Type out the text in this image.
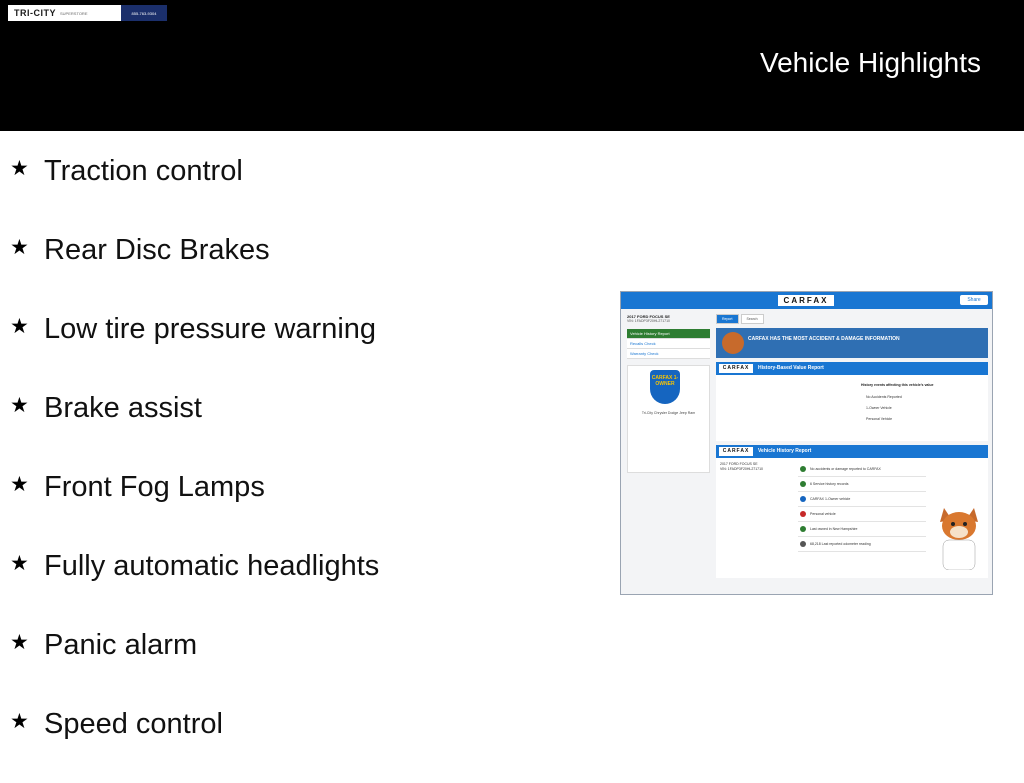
TRI-CITY	SUPERSTORE	855-763-9304
Vehicle Highlights
★ Traction control
★ Rear Disc Brakes
★ Low tire pressure warning
★ Brake assist
★ Front Fog Lamps
★ Fully automatic headlights
★ Panic alarm
★ Speed control
CARFAX	Share
2017 FORD FOCUS SE
VIN: 1FADP3F20HL271710
Vehicle History Report
Recalls Check
Warranty Check
CARFAX 1-OWNER
Tri-City Chrysler Dodge Jeep Ram
Report	Search
CARFAX HAS THE MOST ACCIDENT & DAMAGE INFORMATION
CARFAX	History-Based Value Report
History events affecting this vehicle's value
No Accidents Reported
1-Owner Vehicle
Personal Vehicle
CARFAX	Vehicle History Report
2017 FORD FOCUS SE
VIN: 1FADP3F20HL271710	No accidents or damage reported to CARFAX
6 Service history records
CARFAX 1-Owner vehicle
Personal vehicle
Last owned in New Hampshire
68,218 Last reported odometer reading
